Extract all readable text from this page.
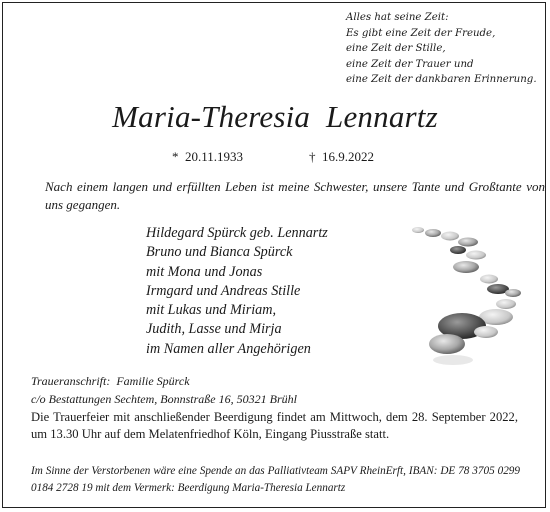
Alles hat seine Zeit:
Es gibt eine Zeit der Freude,
eine Zeit der Stille,
eine Zeit der Trauer und
eine Zeit der dankbaren Erinnerung.
Maria-Theresia  Lennartz
*  20.11.1933	†  16.9.2022
Nach einem langen und erfüllten Leben ist meine Schwester, unsere Tante und Großtante von uns gegangen.
Hildegard Spürck geb. Lennartz
Bruno und Bianca Spürck
mit Mona und Jonas
Irmgard und Andreas Stille
mit Lukas und Miriam,
Judith, Lasse und Mirja
im Namen aller Angehörigen
Traueranschrift:  Familie Spürck
c/o Bestattungen Sechtem, Bonnstraße 16, 50321 Brühl
Die Trauerfeier mit anschließender Beerdigung findet am Mittwoch, dem 28. September 2022, um 13.30 Uhr auf dem Melatenfriedhof Köln, Eingang Piusstraße statt.
Im Sinne der Verstorbenen wäre eine Spende an das Palliativteam SAPV RheinErft, IBAN: DE 78 3705 0299 0184 2728 19 mit dem Vermerk: Beerdigung Maria-Theresia Lennartz
